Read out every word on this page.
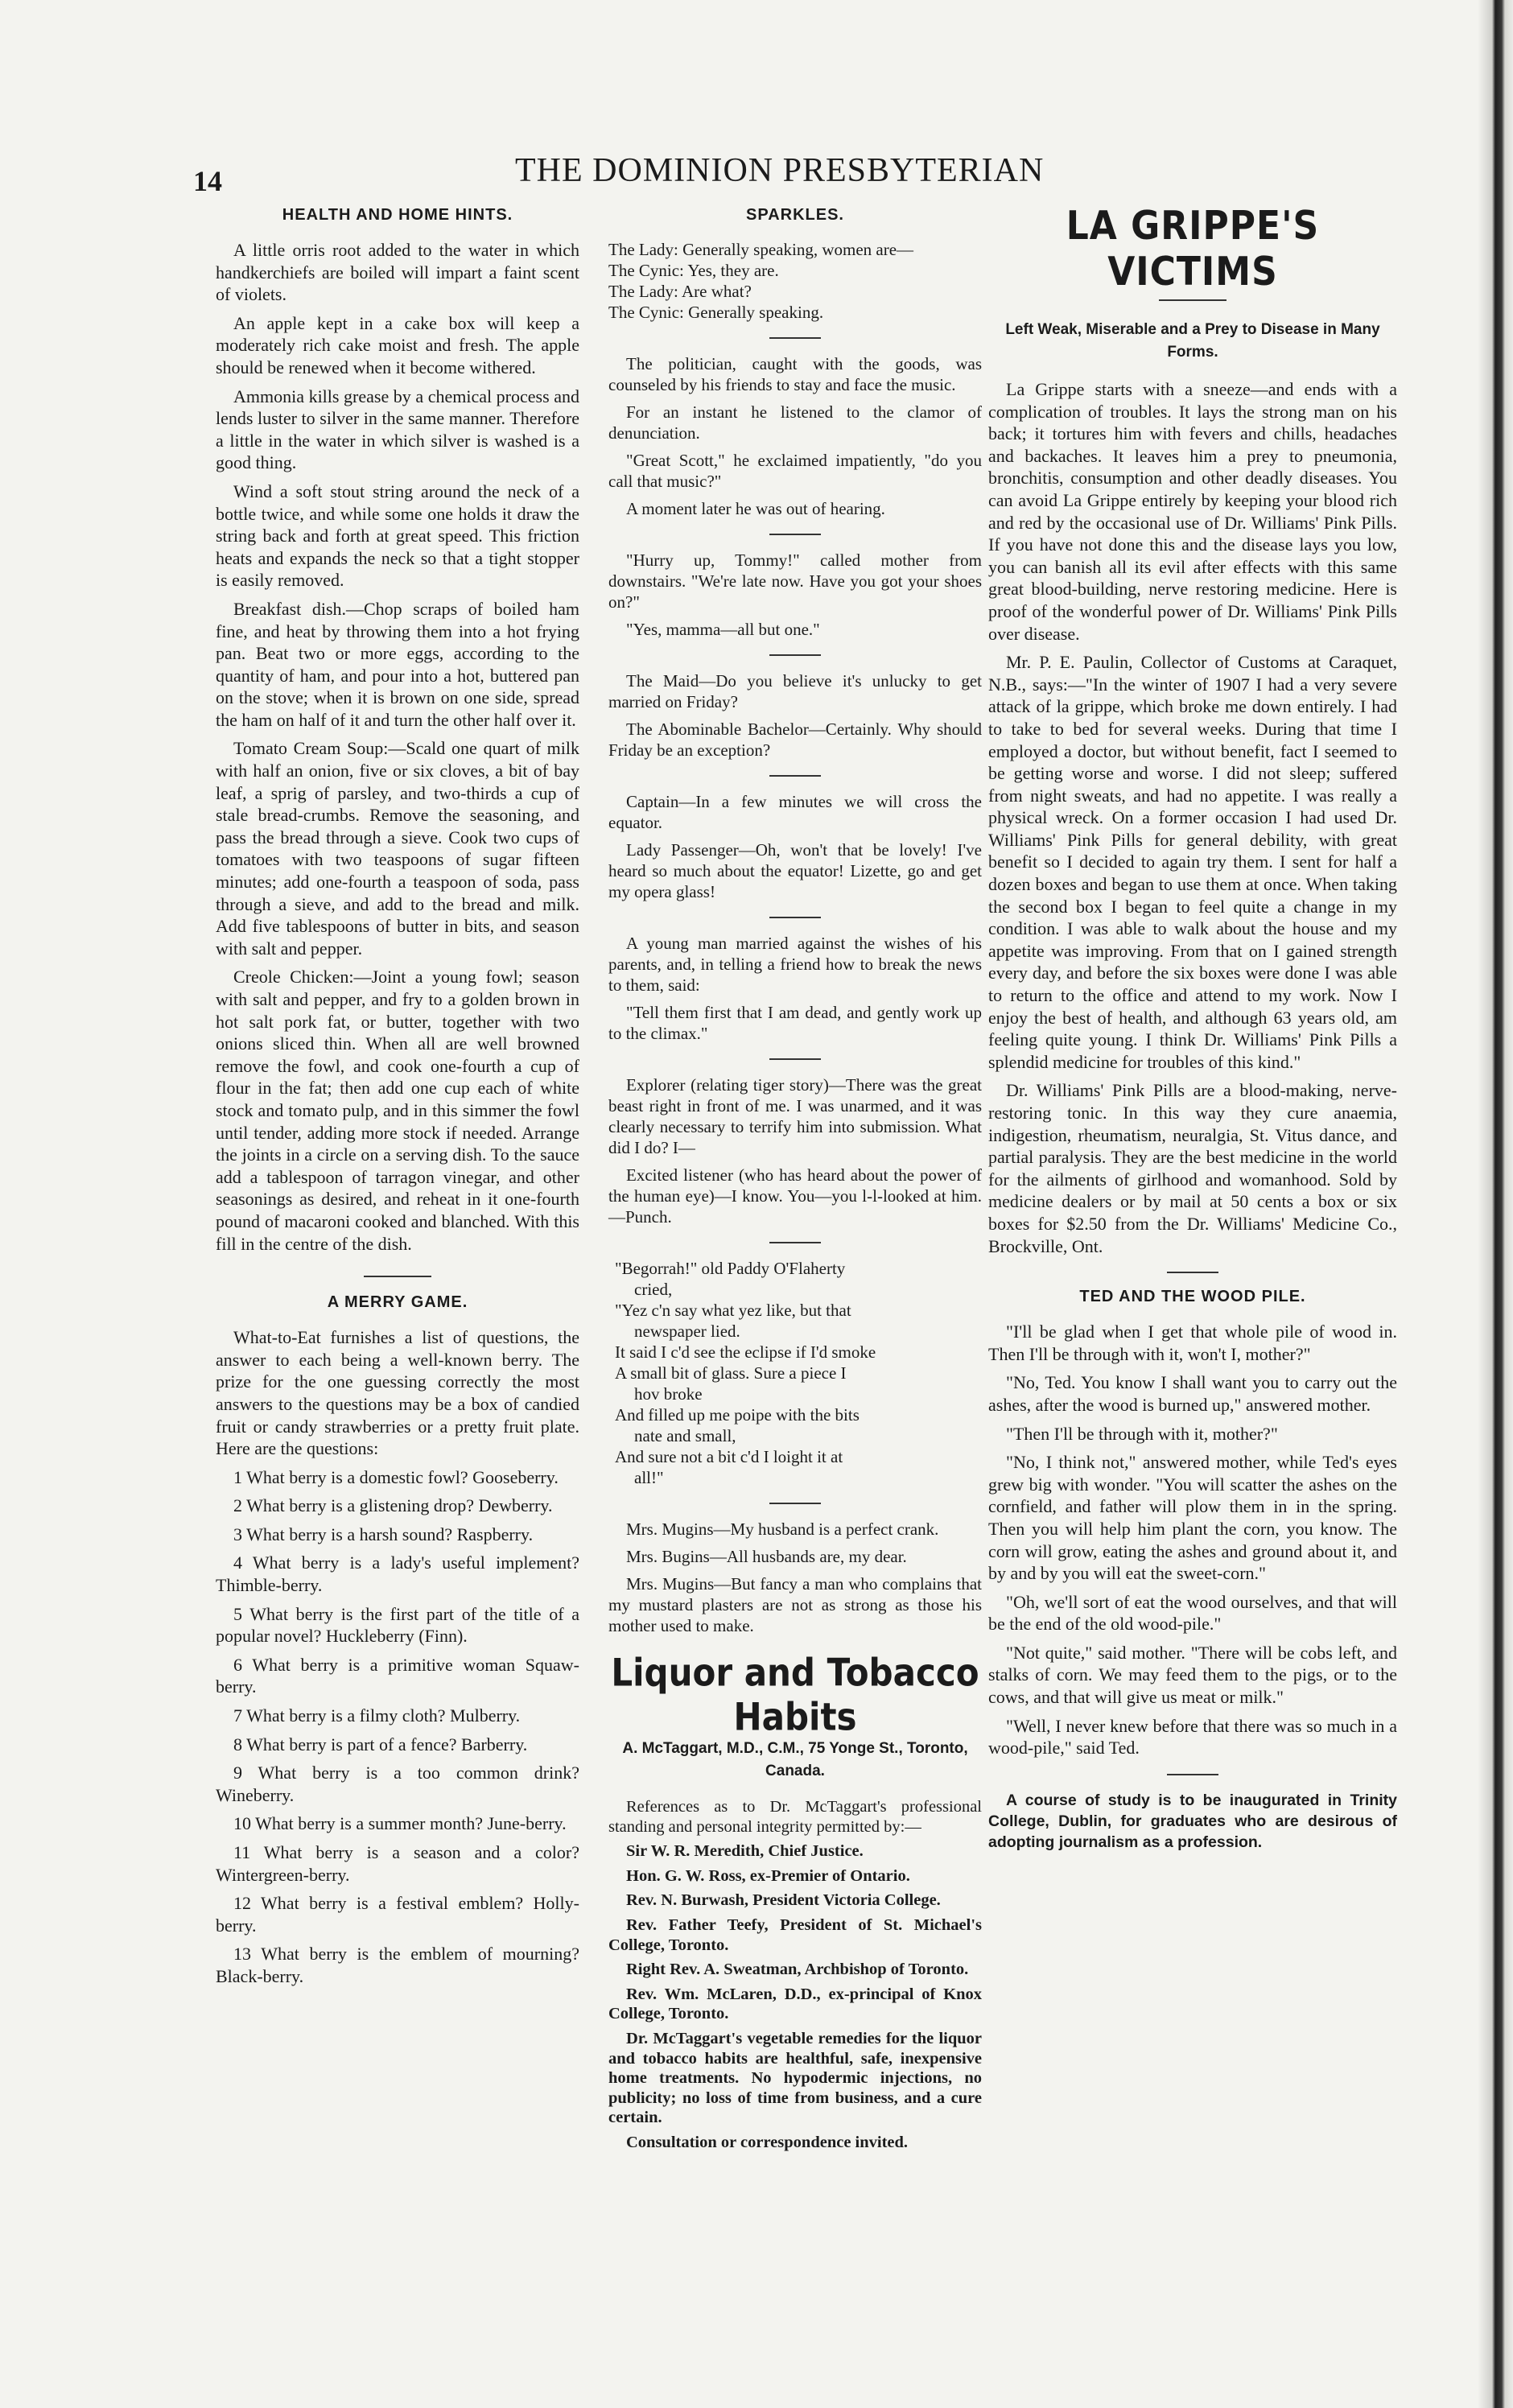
14	THE DOMINION PRESBYTERIAN
HEALTH AND HOME HINTS.

A little orris root added to the water in which handkerchiefs are boiled will impart a faint scent of violets.

An apple kept in a cake box will keep a moderately rich cake moist and fresh. The apple should be renewed when it become withered.

Ammonia kills grease by a chemical process and lends luster to silver in the same manner. Therefore a little in the water in which silver is washed is a good thing.

Wind a soft stout string around the neck of a bottle twice, and while some one holds it draw the string back and forth at great speed. This friction heats and expands the neck so that a tight stopper is easily removed.

Breakfast dish.—Chop scraps of boiled ham fine, and heat by throwing them into a hot frying pan. Beat two or more eggs, according to the quantity of ham, and pour into a hot, buttered pan on the stove; when it is brown on one side, spread the ham on half of it and turn the other half over it.

Tomato Cream Soup:—Scald one quart of milk with half an onion, five or six cloves, a bit of bay leaf, a sprig of parsley, and two-thirds a cup of stale bread-crumbs. Remove the seasoning, and pass the bread through a sieve. Cook two cups of tomatoes with two teaspoons of sugar fifteen minutes; add one-fourth a teaspoon of soda, pass through a sieve, and add to the bread and milk. Add five tablespoons of butter in bits, and season with salt and pepper.

Creole Chicken:—Joint a young fowl; season with salt and pepper, and fry to a golden brown in hot salt pork fat, or butter, together with two onions sliced thin. When all are well browned remove the fowl, and cook one-fourth a cup of flour in the fat; then add one cup each of white stock and tomato pulp, and in this simmer the fowl until tender, adding more stock if needed. Arrange the joints in a circle on a serving dish. To the sauce add a tablespoon of tarragon vinegar, and other seasonings as desired, and reheat in it one-fourth pound of macaroni cooked and blanched. With this fill in the centre of the dish.

A MERRY GAME.

What-to-Eat furnishes a list of questions, the answer to each being a well-known berry. The prize for the one guessing correctly the most answers to the questions may be a box of candied fruit or candy strawberries or a pretty fruit plate. Here are the questions:

1 What berry is a domestic fowl? Gooseberry.

2 What berry is a glistening drop? Dewberry.

3 What berry is a harsh sound? Raspberry.

4 What berry is a lady's useful implement? Thimble-berry.

5 What berry is the first part of the title of a popular novel? Huckleberry (Finn).

6 What berry is a primitive woman Squaw-berry.

7 What berry is a filmy cloth? Mulberry.

8 What berry is part of a fence? Barberry.

9 What berry is a too common drink? Wineberry.

10 What berry is a summer month? June-berry.

11 What berry is a season and a color? Wintergreen-berry.

12 What berry is a festival emblem? Holly-berry.

13 What berry is the emblem of mourning? Black-berry.

SPARKLES.

The Lady: Generally speaking, women are—

The Cynic: Yes, they are.

The Lady: Are what?

The Cynic: Generally speaking.

The politician, caught with the goods, was counseled by his friends to stay and face the music.

For an instant he listened to the clamor of denunciation.

"Great Scott," he exclaimed impatiently, "do you call that music?"

A moment later he was out of hearing.

"Hurry up, Tommy!" called mother from downstairs. "We're late now. Have you got your shoes on?"

"Yes, mamma—all but one."

The Maid—Do you believe it's unlucky to get married on Friday?

The Abominable Bachelor—Certainly. Why should Friday be an exception?

Captain—In a few minutes we will cross the equator.

Lady Passenger—Oh, won't that be lovely! I've heard so much about the equator! Lizette, go and get my opera glass!

A young man married against the wishes of his parents, and, in telling a friend how to break the news to them, said:

"Tell them first that I am dead, and gently work up to the climax."

Explorer (relating tiger story)—There was the great beast right in front of me. I was unarmed, and it was clearly necessary to terrify him into submission. What did I do? I—

Excited listener (who has heard about the power of the human eye)—I know. You—you l-l-looked at him.—Punch.

"Begorrah!" old Paddy O'Flaherty

cried,

"Yez c'n say what yez like, but that

newspaper lied.

It said I c'd see the eclipse if I'd smoke

A small bit of glass. Sure a piece I

hov broke

And filled up me poipe with the bits

nate and small,

And sure not a bit c'd I loight it at

all!"

Mrs. Mugins—My husband is a perfect crank.

Mrs. Bugins—All husbands are, my dear.

Mrs. Mugins—But fancy a man who complains that my mustard plasters are not as strong as those his mother used to make.

Liquor and Tobacco Habits
A. McTaggart, M.D., C.M., 75 Yonge St., Toronto, Canada.

References as to Dr. McTaggart's professional standing and personal integrity permitted by:—

Sir W. R. Meredith, Chief Justice.

Hon. G. W. Ross, ex-Premier of Ontario.

Rev. N. Burwash, President Victoria College.

Rev. Father Teefy, President of St. Michael's College, Toronto.

Right Rev. A. Sweatman, Archbishop of Toronto.

Rev. Wm. McLaren, D.D., ex-principal of Knox College, Toronto.

Dr. McTaggart's vegetable remedies for the liquor and tobacco habits are healthful, safe, inexpensive home treatments. No hypodermic injections, no publicity; no loss of time from business, and a cure certain.

Consultation or correspondence invited.

LA GRIPPE'S VICTIMS
Left Weak, Miserable and a Prey to Disease in Many Forms.

La Grippe starts with a sneeze—and ends with a complication of troubles. It lays the strong man on his back; it tortures him with fevers and chills, headaches and backaches. It leaves him a prey to pneumonia, bronchitis, consumption and other deadly diseases. You can avoid La Grippe entirely by keeping your blood rich and red by the occasional use of Dr. Williams' Pink Pills. If you have not done this and the disease lays you low, you can banish all its evil after effects with this same great blood-building, nerve restoring medicine. Here is proof of the wonderful power of Dr. Williams' Pink Pills over disease.

Mr. P. E. Paulin, Collector of Customs at Caraquet, N.B., says:—"In the winter of 1907 I had a very severe attack of la grippe, which broke me down entirely. I had to take to bed for several weeks. During that time I employed a doctor, but without benefit, fact I seemed to be getting worse and worse. I did not sleep; suffered from night sweats, and had no appetite. I was really a physical wreck. On a former occasion I had used Dr. Williams' Pink Pills for general debility, with great benefit so I decided to again try them. I sent for half a dozen boxes and began to use them at once. When taking the second box I began to feel quite a change in my condition. I was able to walk about the house and my appetite was improving. From that on I gained strength every day, and before the six boxes were done I was able to return to the office and attend to my work. Now I enjoy the best of health, and although 63 years old, am feeling quite young. I think Dr. Williams' Pink Pills a splendid medicine for troubles of this kind."

Dr. Williams' Pink Pills are a blood-making, nerve-restoring tonic. In this way they cure anaemia, indigestion, rheumatism, neuralgia, St. Vitus dance, and partial paralysis. They are the best medicine in the world for the ailments of girlhood and womanhood. Sold by medicine dealers or by mail at 50 cents a box or six boxes for $2.50 from the Dr. Williams' Medicine Co., Brockville, Ont.

TED AND THE WOOD PILE.

"I'll be glad when I get that whole pile of wood in. Then I'll be through with it, won't I, mother?"

"No, Ted. You know I shall want you to carry out the ashes, after the wood is burned up," answered mother.

"Then I'll be through with it, mother?"

"No, I think not," answered mother, while Ted's eyes grew big with wonder. "You will scatter the ashes on the cornfield, and father will plow them in in the spring. Then you will help him plant the corn, you know. The corn will grow, eating the ashes and ground about it, and by and by you will eat the sweet-corn."

"Oh, we'll sort of eat the wood ourselves, and that will be the end of the old wood-pile."

"Not quite," said mother. "There will be cobs left, and stalks of corn. We may feed them to the pigs, or to the cows, and that will give us meat or milk."

"Well, I never knew before that there was so much in a wood-pile," said Ted.

A course of study is to be inaugurated in Trinity College, Dublin, for graduates who are desirous of adopting journalism as a profession.
